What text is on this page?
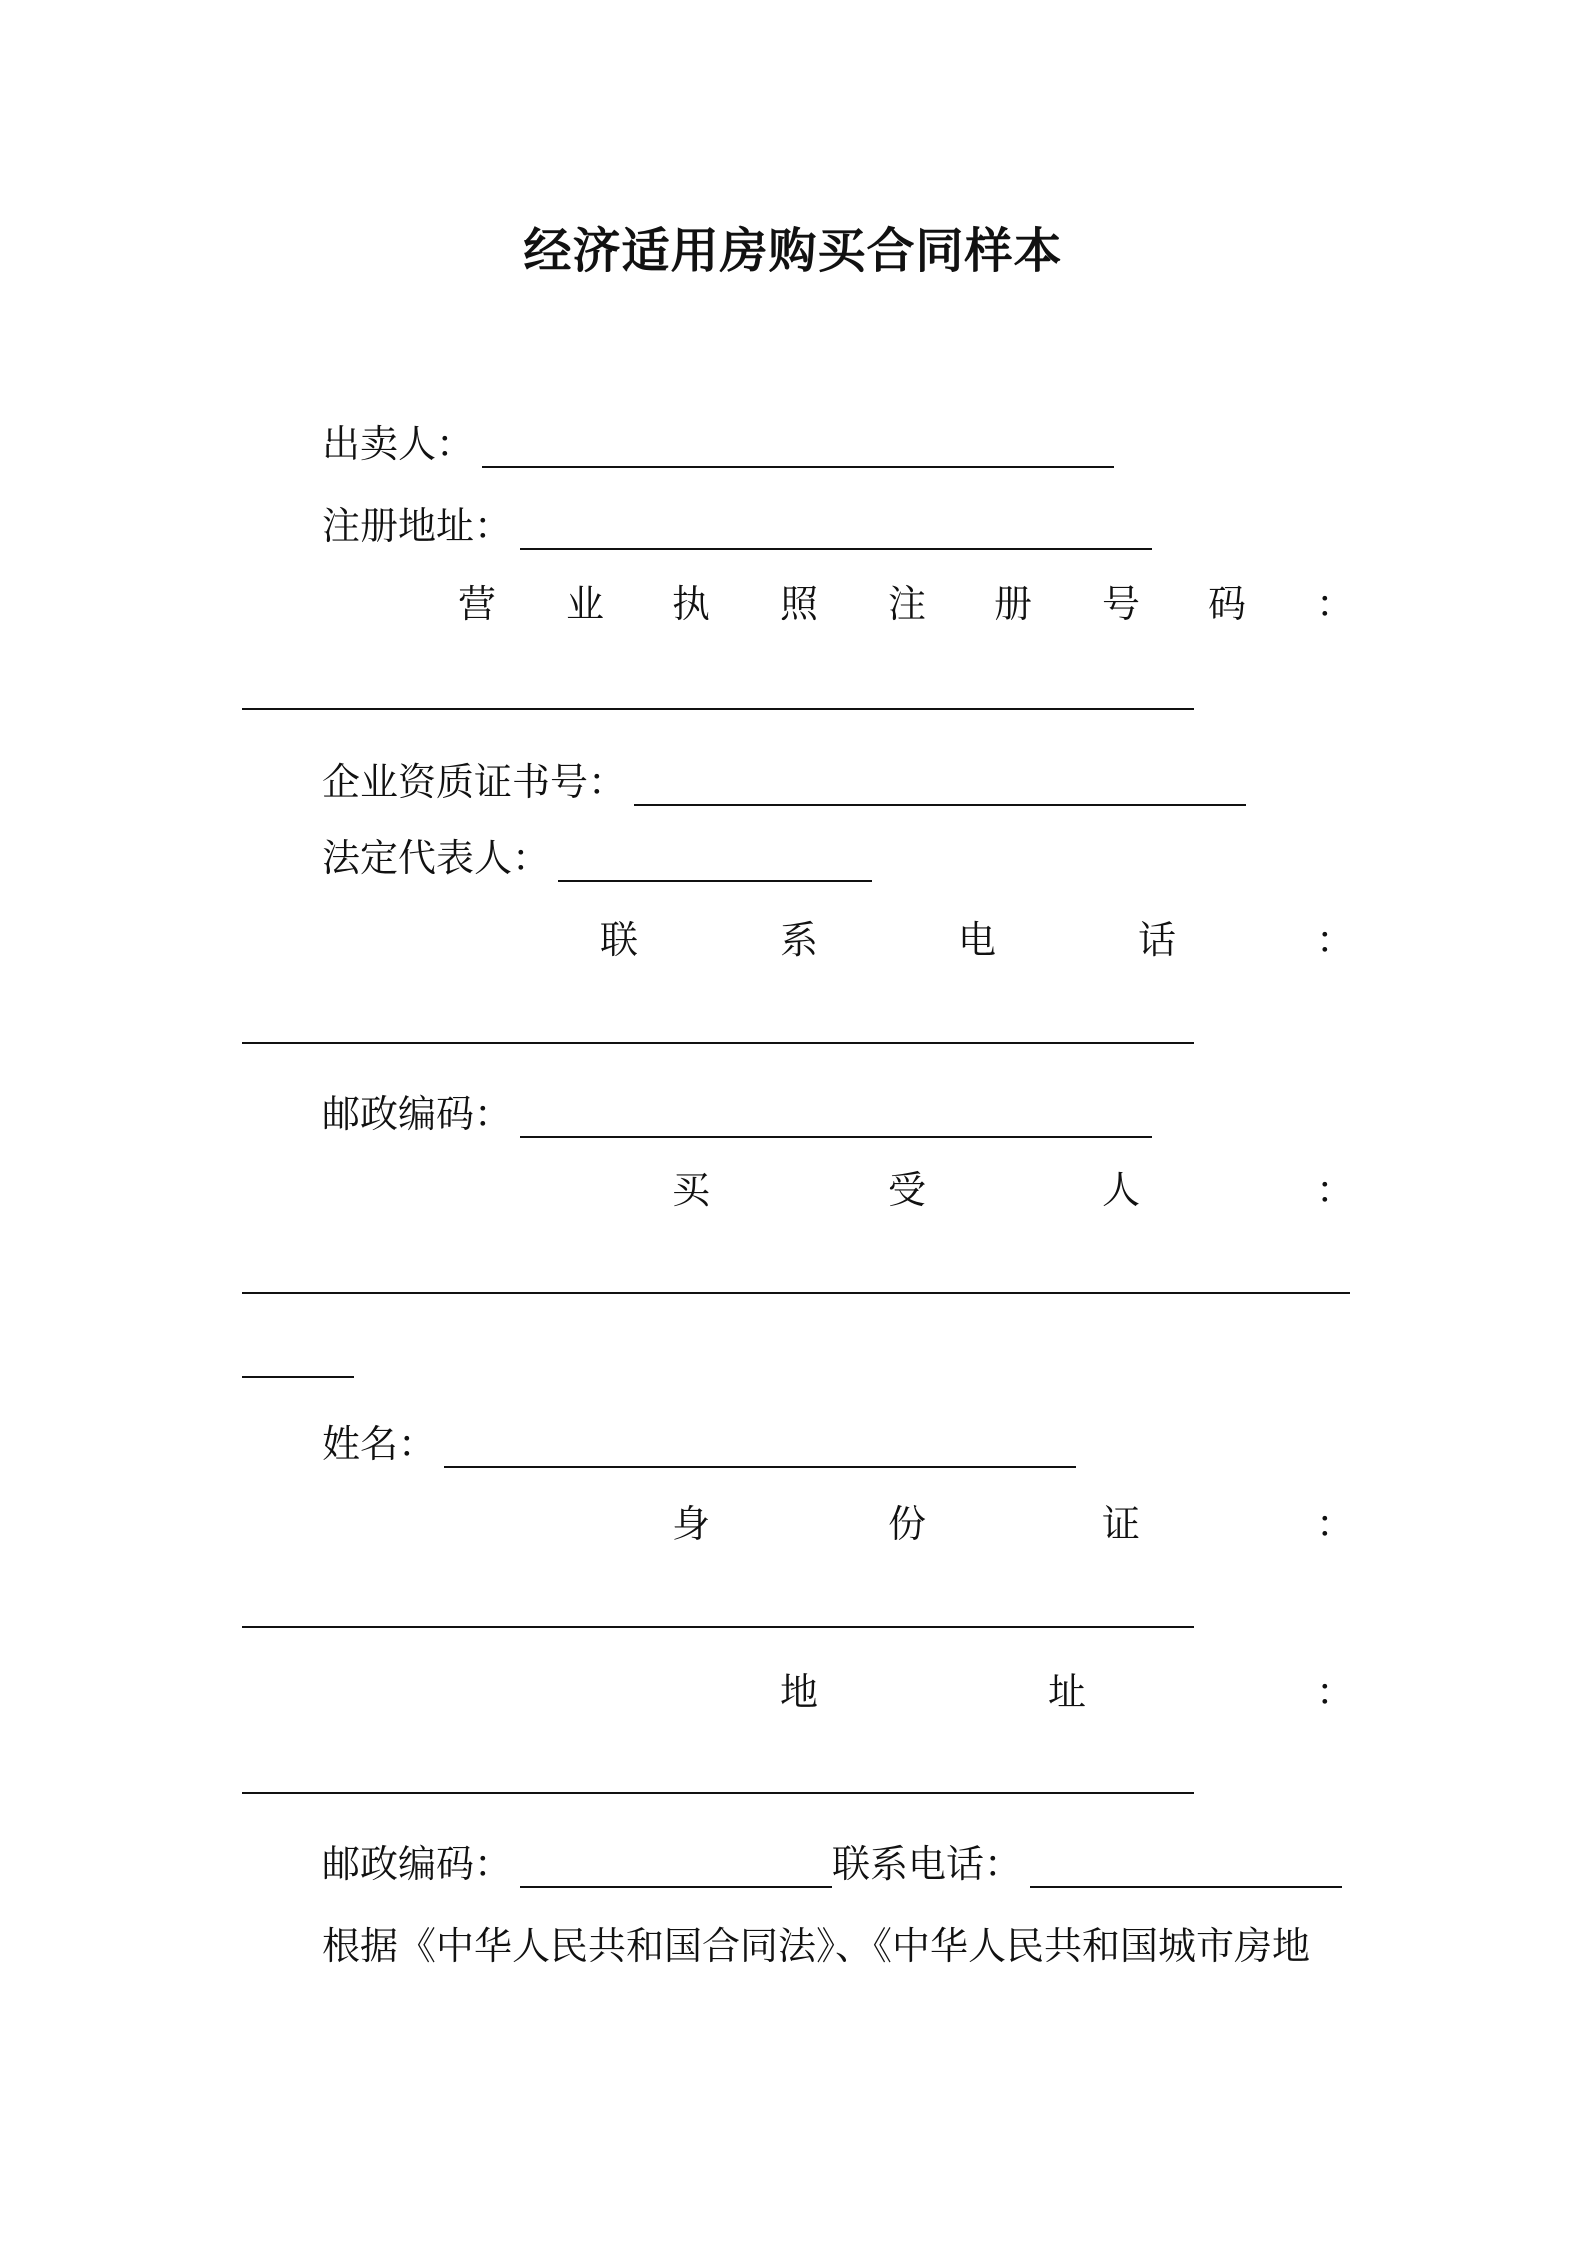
经济适用房购买合同样本
出卖人：
注册地址：
营 业 执 照 注 册 号 码 ：
企业资质证书号：
法定代表人：
联	系	电	话	：
邮政编码：
买	受	人	：
姓名：
身	份	证	：
地	址	：
邮政编码：	联系电话：
根据《中华人民共和国合同法》、《中华人民共和国城市房地
